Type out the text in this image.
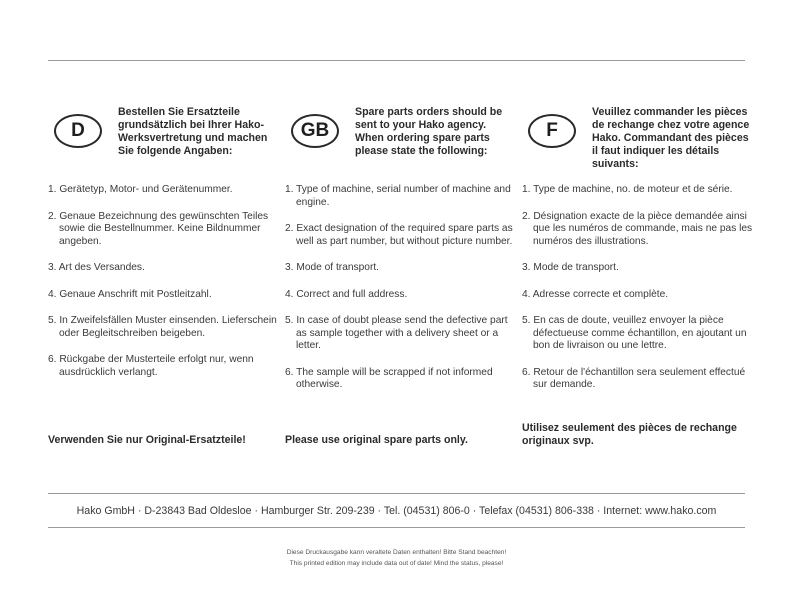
D
Bestellen Sie Ersatzteile grundsätzlich bei Ihrer Hako-Werksvertretung und machen Sie folgende Angaben:
1. Gerätetyp, Motor- und Gerätenummer.
2. Genaue Bezeichnung des gewünschten Teiles sowie die Bestellnummer. Keine Bildnummer angeben.
3. Art des Versandes.
4. Genaue Anschrift mit Postleitzahl.
5. In Zweifelsfällen Muster einsenden. Lieferschein oder Begleitschreiben beigeben.
6. Rückgabe der Musterteile erfolgt nur, wenn ausdrücklich verlangt.
Verwenden Sie nur Original-Ersatzteile!
GB
Spare parts orders should be sent to your Hako agency. When ordering spare parts please state the following:
1. Type of machine, serial number of machine and engine.
2. Exact designation of the required spare parts as well as part number, but without picture number.
3. Mode of transport.
4. Correct and full address.
5. In case of doubt please send the defective part as sample together with a delivery sheet or a letter.
6. The sample will be scrapped if not informed otherwise.
Please use original spare parts only.
F
Veuillez commander les pièces de rechange chez votre agence Hako. Commandant des pièces il faut indiquer les détails suivants:
1. Type de machine, no. de moteur et de série.
2. Désignation exacte de la pièce demandée ainsi que les numéros de commande, mais ne pas les numéros des illustrations.
3. Mode de transport.
4. Adresse correcte et complète.
5. En cas de doute, veuillez envoyer la pièce défectueuse comme échantillon, en ajoutant un bon de livraison ou une lettre.
6. Retour de l'échantillon sera seulement effectué sur demande.
Utilisez seulement des pièces de rechange originaux svp.
Hako GmbH · D-23843 Bad Oldesloe · Hamburger Str. 209-239 · Tel. (04531) 806-0 · Telefax (04531) 806-338 · Internet: www.hako.com
Diese Druckausgabe kann veraltete Daten enthalten! Bitte Stand beachten!
This printed edition may include data out of date! Mind the status, please!
